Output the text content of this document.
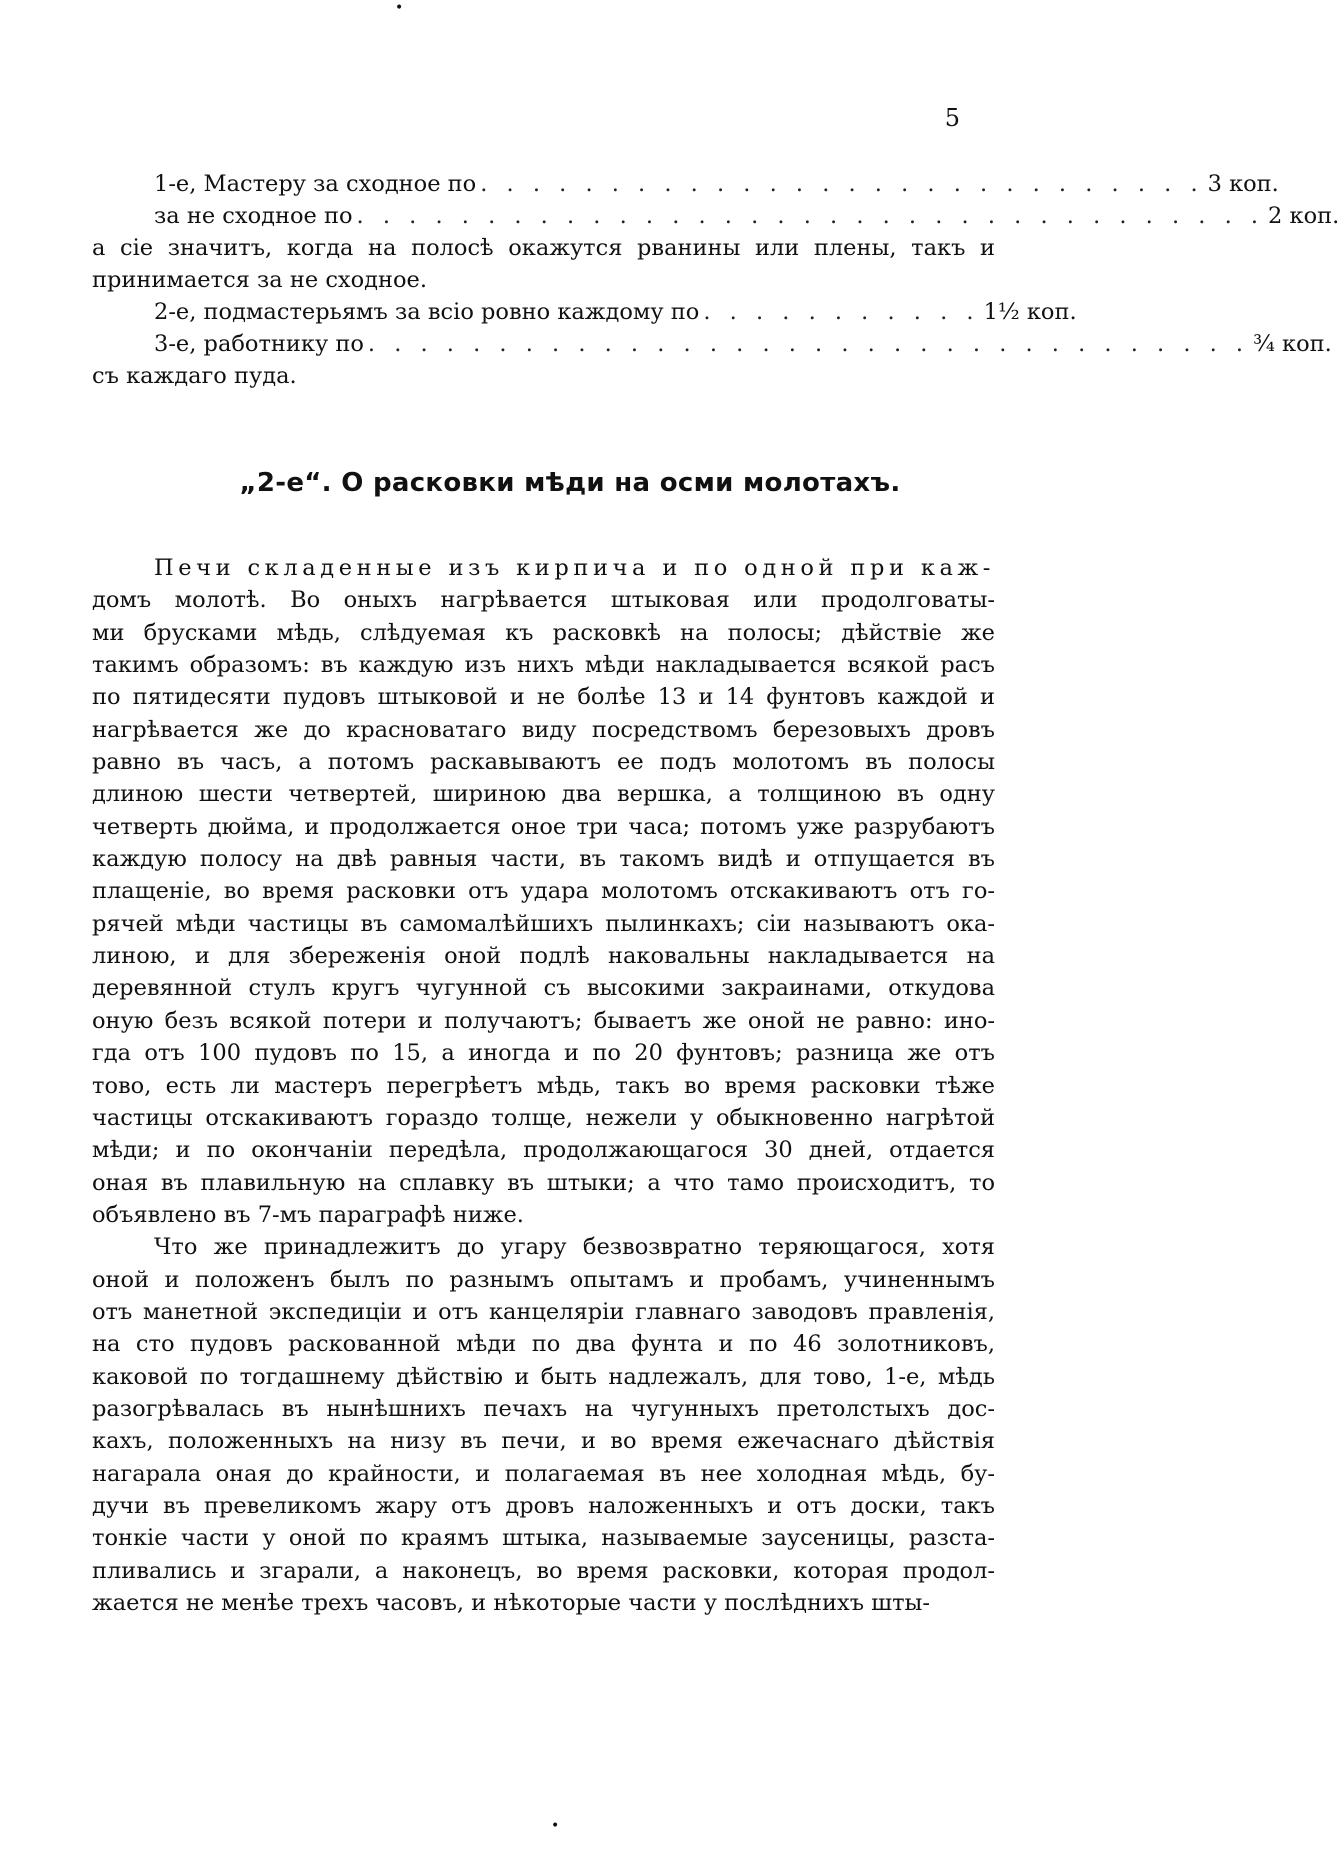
•
5
1-е, Мастеру за сходное по . . . . . . . . . . . . . . . . . . . . . . . . . . . . 3 коп.
за не сходное по . . . . . . . . . . . . . . . . . . . . . . . . . . . . . . . . . . . 2 коп.
а сіе значитъ, когда на полосѣ окажутся рванины или плены, такъ и
принимается за не сходное.
2-е, подмастерьямъ за всіо ровно каждому по . . . . . . . . . . . 1½ коп.
3-е, работнику по . . . . . . . . . . . . . . . . . . . . . . . . . . . . . . . . . . ¾ коп.
съ каждаго пуда.
„2-е“. О расковки мѣди на осми молотахъ.
Печи складенные изъ кирпича и по одной при каж-
домъ молотѣ. Во оныхъ нагрѣвается штыковая или продолговаты-
ми брусками мѣдь, слѣдуемая къ расковкѣ на полосы; дѣйствіе же
такимъ образомъ: въ каждую изъ нихъ мѣди накладывается всякой расъ
по пятидесяти пудовъ штыковой и не болѣе 13 и 14 фунтовъ каждой и
нагрѣвается же до красноватаго виду посредствомъ березовыхъ дровъ
равно въ часъ, а потомъ раскавываютъ ее подъ молотомъ въ полосы
длиною шести четвертей, шириною два вершка, а толщиною въ одну
четверть дюйма, и продолжается оное три часа; потомъ уже разрубаютъ
каждую полосу на двѣ равныя части, въ такомъ видѣ и отпущается въ
плащеніе, во время расковки отъ удара молотомъ отскакиваютъ отъ го-
рячей мѣди частицы въ самомалѣйшихъ пылинкахъ; сіи называютъ ока-
линою, и для збереженія оной подлѣ наковальны накладывается на
деревянной стулъ кругъ чугунной съ высокими закраинами, откудова
оную безъ всякой потери и получаютъ; бываетъ же оной не равно: ино-
гда отъ 100 пудовъ по 15, а иногда и по 20 фунтовъ; разница же отъ
тово, есть ли мастеръ перегрѣетъ мѣдь, такъ во время расковки тѣже
частицы отскакиваютъ гораздо толще, нежели у обыкновенно нагрѣтой
мѣди; и по окончаніи передѣла, продолжающагося 30 дней, отдается
оная въ плавильную на сплавку въ штыки; а что тамо происходитъ, то
объявлено въ 7-мъ параграфѣ ниже.
Что же принадлежитъ до угару безвозвратно теряющагося, хотя
оной и положенъ былъ по разнымъ опытамъ и пробамъ, учиненнымъ
отъ манетной экспедиціи и отъ канцеляріи главнаго заводовъ правленія,
на сто пудовъ раскованной мѣди по два фунта и по 46 золотниковъ,
каковой по тогдашнему дѣйствію и быть надлежалъ, для тово, 1-е, мѣдь
разогрѣвалась въ нынѣшнихъ печахъ на чугунныхъ претолстыхъ дос-
кахъ, положенныхъ на низу въ печи, и во время ежечаснаго дѣйствія
нагарала оная до крайности, и полагаемая въ нее холодная мѣдь, бу-
дучи въ превеликомъ жару отъ дровъ наложенныхъ и отъ доски, такъ
тонкіе части у оной по краямъ штыка, называемые заусеницы, разста-
пливались и згарали, а наконецъ, во время расковки, которая продол-
жается не менѣе трехъ часовъ, и нѣкоторые части у послѣднихъ шты-
•
